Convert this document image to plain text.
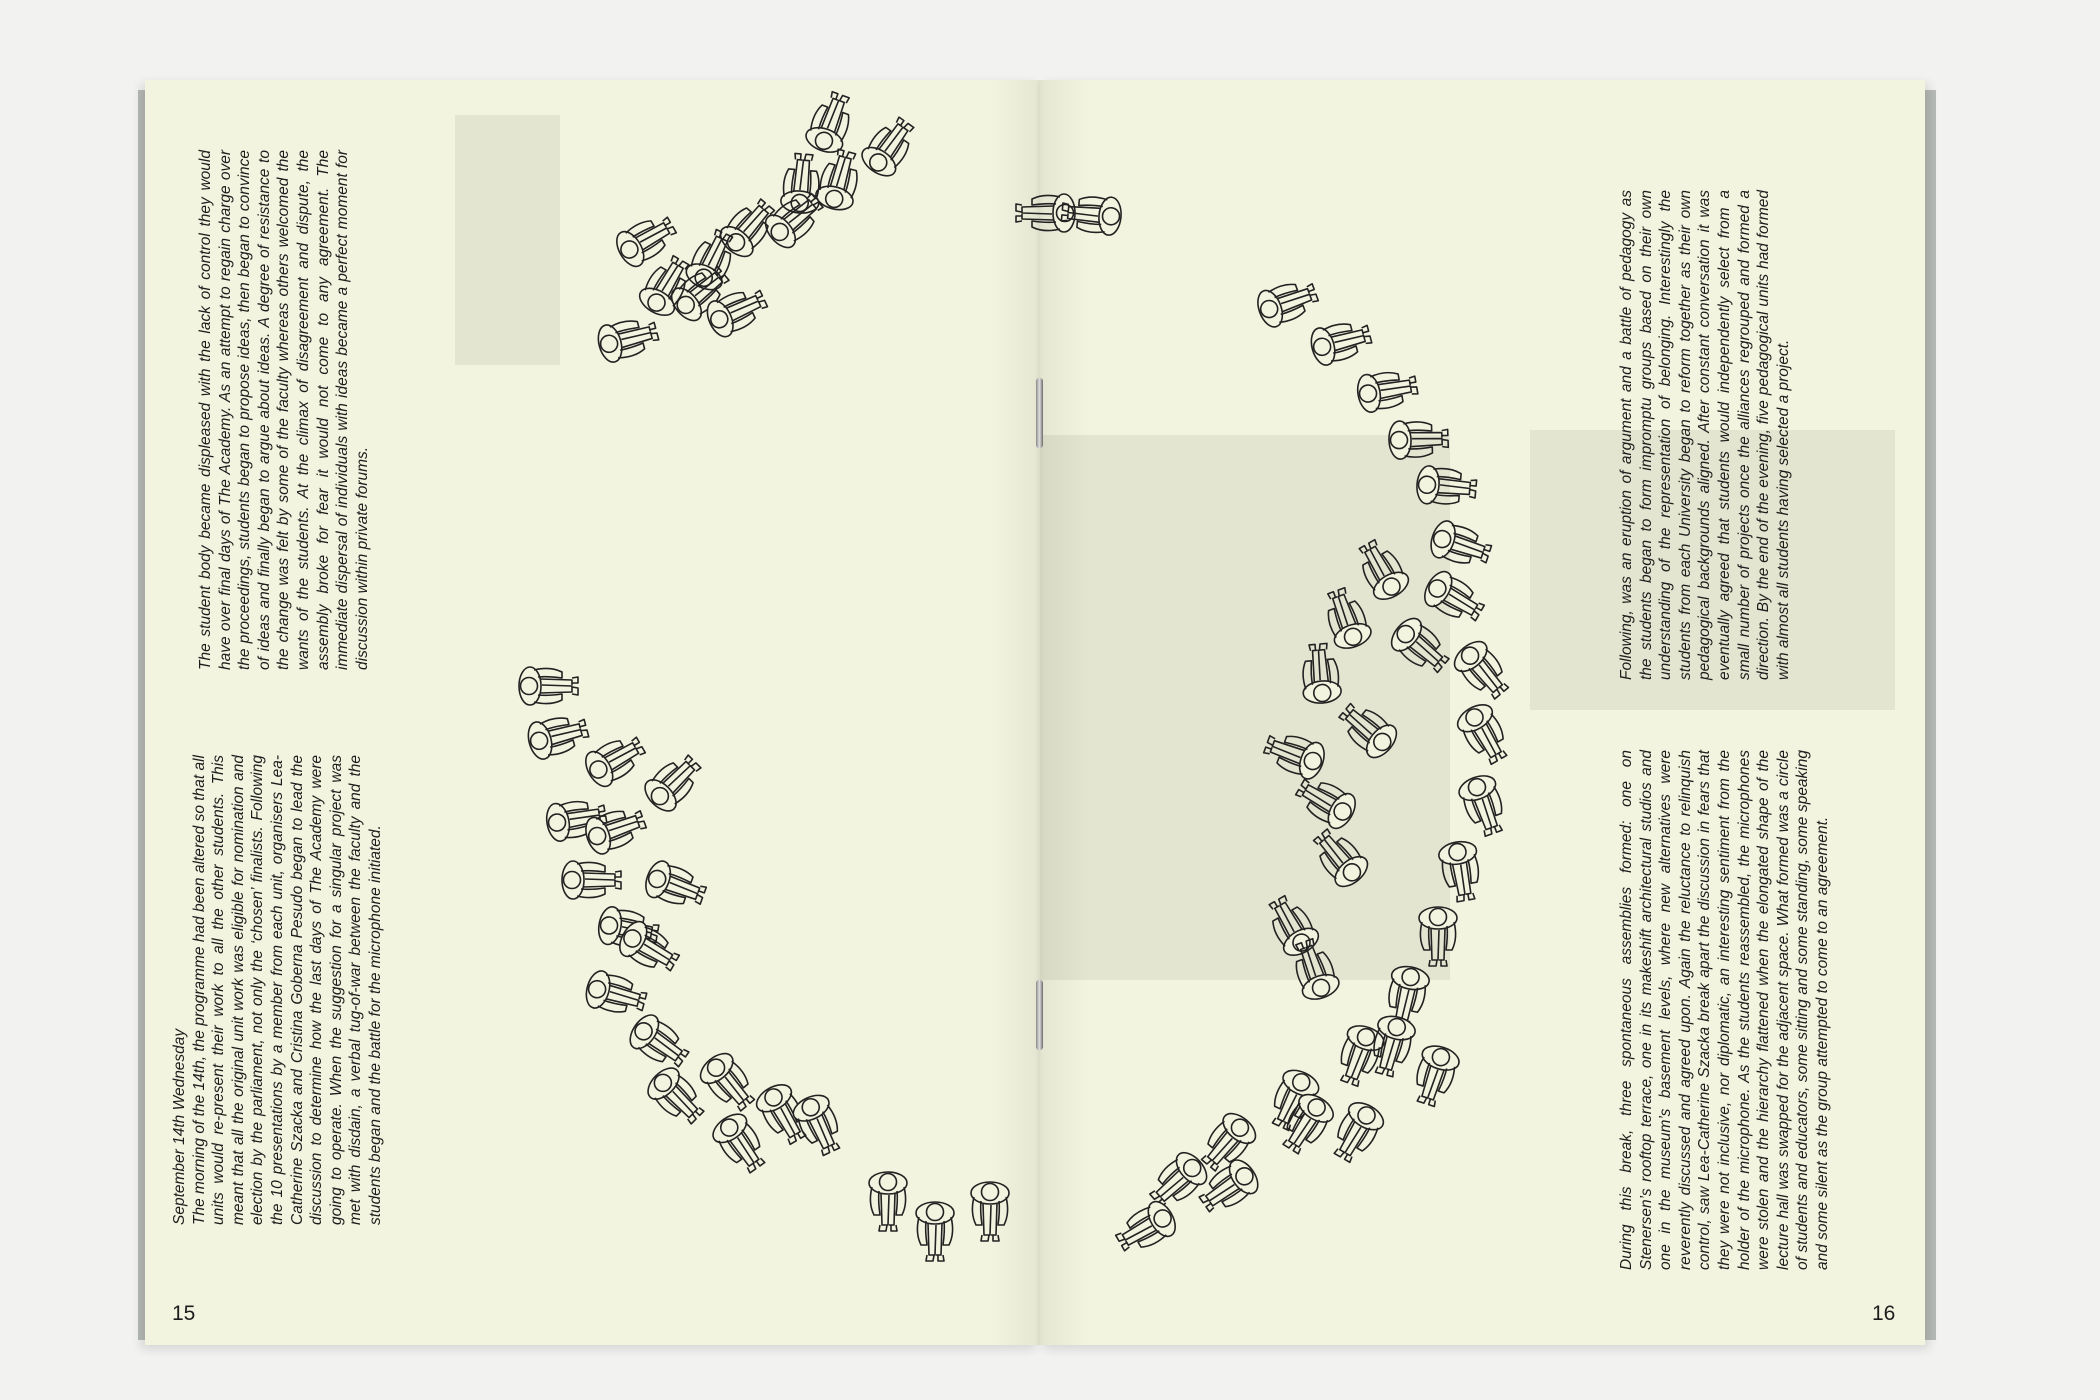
September 14th Wednesday The morning of the 14th, the programme had been altered so that all units would re-present their work to all the other students. This meant that all the original unit work was eligible for nomination and election by the parliament, not only the ‘chosen’ finalists. Following the 10 presentations by a member from each unit, organisers Lea-Catherine Szacka and Cristina Goberna Pesudo began to lead the discussion to determine how the last days of The Academy were going to operate. When the suggestion for a singular project was met with disdain, a verbal tug-of-war between the faculty and the students began and the battle for the microphone initiated.

The student body became displeased with the lack of control they would have over final days of The Academy. As an attempt to regain charge over the proceedings, students began to propose ideas, then began to convince of ideas and finally began to argue about ideas. A degree of resistance to the change was felt by some of the faculty whereas others welcomed the wants of the students. At the climax of disagreement and dispute, the assembly broke for fear it would not come to any agreement. The immediate dispersal of individuals with ideas became a perfect moment for discussion within private forums.

During this break, three spontaneous assemblies formed: one on Stenersen’s rooftop terrace, one in its makeshift architectural studios and one in the museum’s basement levels, where new alternatives were reverently discussed and agreed upon. Again the reluctance to relinquish control, saw Lea-Catherine Szacka break apart the discussion in fears that they were not inclusive, nor diplomatic, an interesting sentiment from the holder of the microphone. As the students reassembled, the microphones were stolen and the hierarchy flattened when the elongated shape of the lecture hall was swapped for the adjacent space. What formed was a circle of students and educators, some sitting and some standing, some speaking and some silent as the group attempted to come to an agreement.

Following, was an eruption of argument and a battle of pedagogy as the students began to form impromptu groups based on their own understanding of the representation of belonging. Interestingly the students from each University began to reform together as their own pedagogical backgrounds aligned. After constant conversation it was eventually agreed that students would independently select from a small number of projects once the alliances regrouped and formed a direction. By the end of the evening, five pedagogical units had formed with almost all students having selected a project.

15	16
